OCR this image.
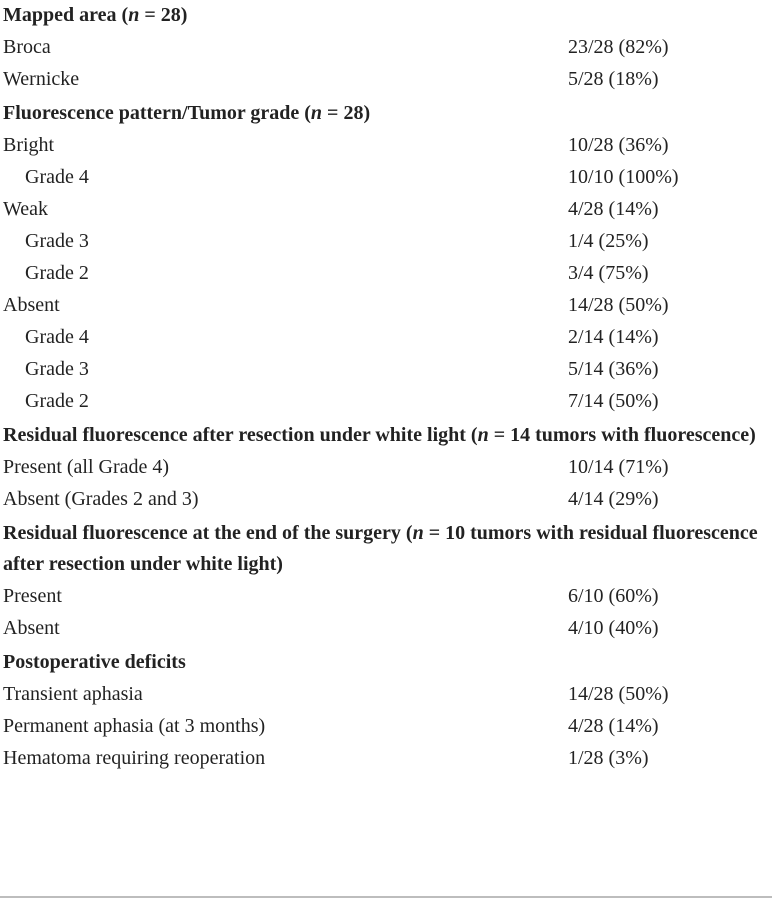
Mapped area (n = 28)
Broca	23/28 (82%)
Wernicke	5/28 (18%)
Fluorescence pattern/Tumor grade (n = 28)
Bright	10/28 (36%)
Grade 4	10/10 (100%)
Weak	4/28 (14%)
Grade 3	1/4 (25%)
Grade 2	3/4 (75%)
Absent	14/28 (50%)
Grade 4	2/14 (14%)
Grade 3	5/14 (36%)
Grade 2	7/14 (50%)
Residual fluorescence after resection under white light (n = 14 tumors with fluorescence)
Present (all Grade 4)	10/14 (71%)
Absent (Grades 2 and 3)	4/14 (29%)
Residual fluorescence at the end of the surgery (n = 10 tumors with residual fluorescence after resection under white light)
Present	6/10 (60%)
Absent	4/10 (40%)
Postoperative deficits
Transient aphasia	14/28 (50%)
Permanent aphasia (at 3 months)	4/28 (14%)
Hematoma requiring reoperation	1/28 (3%)
